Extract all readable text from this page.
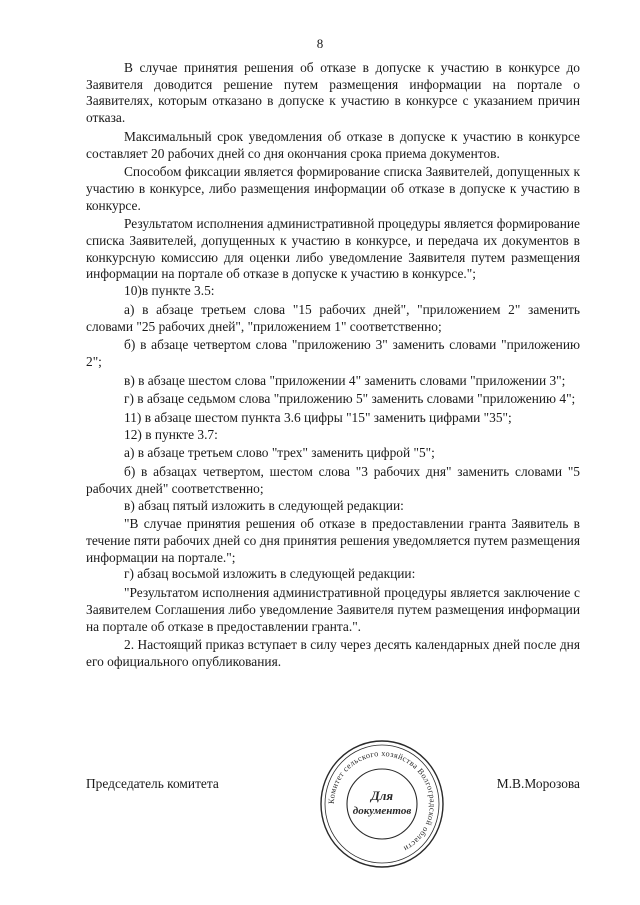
8

В случае принятия решения об отказе в допуске к участию в конкурсе до Заявителя доводится решение путем размещения информации на портале о Заявителях, которым отказано в допуске к участию в конкурсе с указанием причин отказа.

Максимальный срок уведомления об отказе в допуске к участию в конкурсе составляет 20 рабочих дней со дня окончания срока приема документов.

Способом фиксации является формирование списка Заявителей, допущенных к участию в конкурсе, либо размещения информации об отказе в допуске к участию в конкурсе.

Результатом исполнения административной процедуры является формирование списка Заявителей, допущенных к участию в конкурсе, и передача их документов в конкурсную комиссию для оценки либо уведомление Заявителя путем размещения информации на портале об отказе в допуске к участию в конкурсе.";

10)в пункте 3.5:

а) в абзаце третьем слова "15 рабочих дней", "приложением 2" заменить словами "25 рабочих дней", "приложением 1" соответственно;

б) в абзаце четвертом слова "приложению 3" заменить словами "приложению 2";

в) в абзаце шестом слова "приложении 4" заменить словами "приложении 3";

г) в абзаце седьмом слова "приложению 5" заменить словами "приложению 4";

11) в абзаце шестом пункта 3.6 цифры "15" заменить цифрами "35";

12) в пункте 3.7:

а) в абзаце третьем слово "трех" заменить цифрой "5";

б) в абзацах четвертом, шестом слова "3 рабочих дня" заменить словами "5 рабочих дней" соответственно;

в) абзац пятый изложить в следующей редакции:

"В случае принятия решения об отказе в предоставлении гранта Заявитель в течение пяти рабочих дней со дня принятия решения уведомляется путем размещения информации на портале.";

г) абзац восьмой изложить в следующей редакции:

"Результатом исполнения административной процедуры является заключение с Заявителем Соглашения либо уведомление Заявителя путем размещения информации на портале об отказе в предоставлении гранта.".

2. Настоящий приказ вступает в силу через десять календарных дней после дня его официального опубликования.

Председатель комитета	М.В.Морозова
Комитет сельского хозяйства Волгоградской области
Для
документов
